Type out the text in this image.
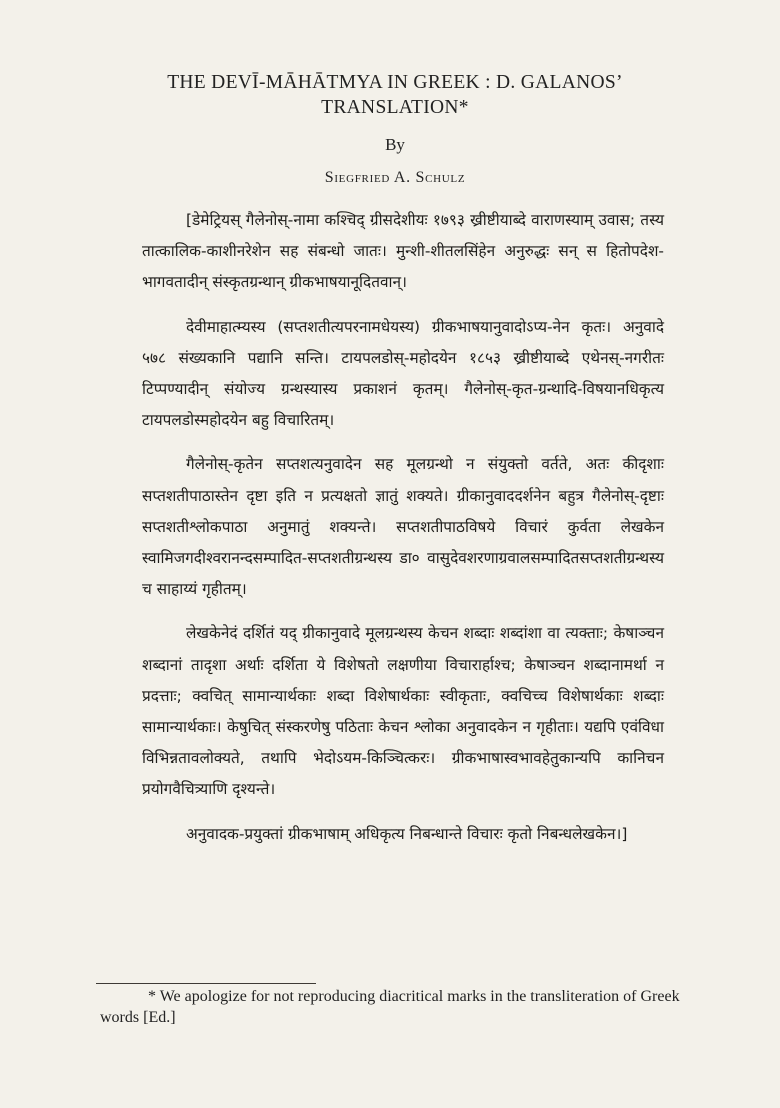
THE DEVĪ-MĀHĀTMYA IN GREEK : D. GALANOS’
TRANSLATION*
By
Siegfried A. Schulz

[डेमेट्रियस् गैलेनोस्-नामा कश्चिद् ग्रीसदेशीयः १७९३ ख्रीष्टीयाब्दे वाराणस्याम् उवास; तस्य तात्कालिक-काशीनरेशेन सह संबन्धो जातः। मुन्शी-शीतलसिंहेन अनुरुद्धः सन् स हितोपदेश-भागवतादीन् संस्कृतग्रन्थान् ग्रीकभाषयानूदितवान्।

देवीमाहात्म्यस्य (सप्तशतीत्यपरनामधेयस्य) ग्रीकभाषयानुवादोऽप्य-नेन कृतः। अनुवादे ५७८ संख्यकानि पद्यानि सन्ति। टायपलडोस्-महोदयेन १८५३ ख्रीष्टीयाब्दे एथेनस्-नगरीतः टिप्पण्यादीन् संयोज्य ग्रन्थस्यास्य प्रकाशनं कृतम्। गैलेनोस्-कृत-ग्रन्थादि-विषयानधिकृत्य टायपलडोस्महोदयेन बहु विचारितम्।

गैलेनोस्-कृतेन सप्तशत्यनुवादेन सह मूलग्रन्थो न संयुक्तो वर्तते, अतः कीदृशाः सप्तशतीपाठास्तेन दृष्टा इति न प्रत्यक्षतो ज्ञातुं शक्यते। ग्रीकानुवाददर्शनेन बहुत्र गैलेनोस्-दृष्टाः सप्तशतीश्लोकपाठा अनुमातुं शक्यन्ते। सप्तशतीपाठविषये विचारं कुर्वता लेखकेन स्वामिजगदीश्वरानन्दसम्पादित-सप्तशतीग्रन्थस्य डा० वासुदेवशरणाग्रवालसम्पादितसप्तशतीग्रन्थस्य च साहाय्यं गृहीतम्।

लेखकेनेदं दर्शितं यद् ग्रीकानुवादे मूलग्रन्थस्य केचन शब्दाः शब्दांशा वा त्यक्ताः; केषाञ्चन शब्दानां तादृशा अर्थाः दर्शिता ये विशेषतो लक्षणीया विचारार्हाश्च; केषाञ्चन शब्दानामर्था न प्रदत्ताः; क्वचित् सामान्यार्थकाः शब्दा विशेषार्थकाः स्वीकृताः, क्वचिच्च विशेषार्थकाः शब्दाः सामान्यार्थकाः। केषुचित् संस्करणेषु पठिताः केचन श्लोका अनुवादकेन न गृहीताः। यद्यपि एवंविधा विभिन्नतावलोक्यते, तथापि भेदोऽयम-किञ्चित्करः। ग्रीकभाषास्वभावहेतुकान्यपि कानिचन प्रयोगवैचित्र्याणि दृश्यन्ते।

अनुवादक-प्रयुक्तां ग्रीकभाषाम् अधिकृत्य निबन्धान्ते विचारः कृतो निबन्धलेखकेन।]

* We apologize for not reproducing diacritical marks in the transliteration of Greek words [Ed.]
